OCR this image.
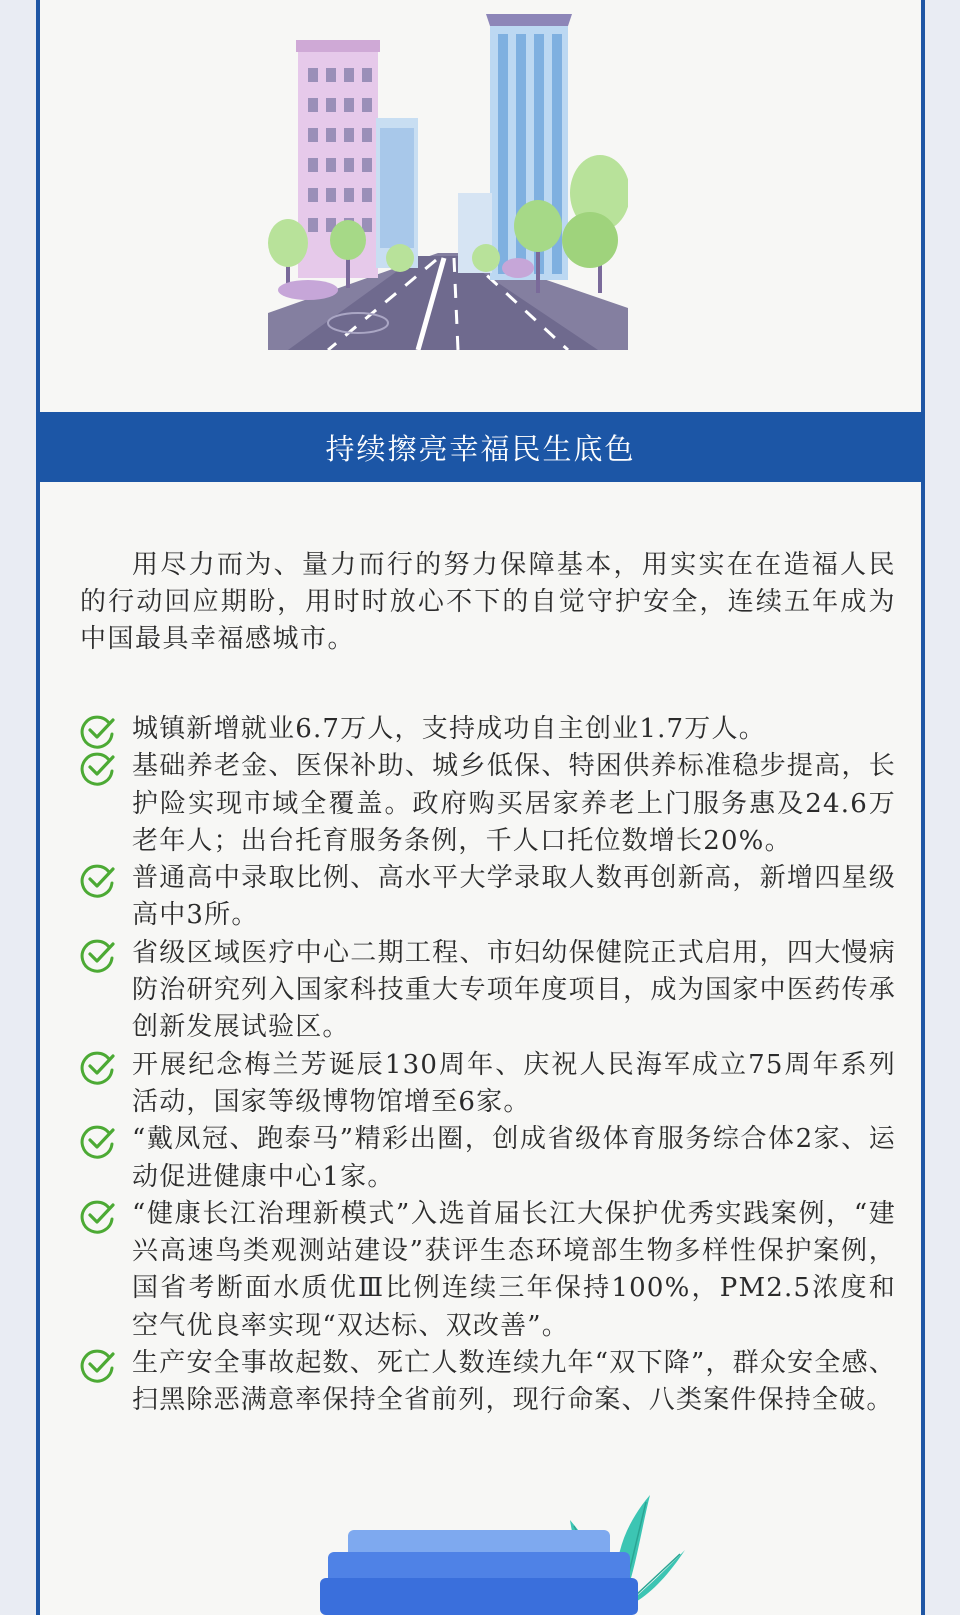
持续擦亮幸福民生底色

用尽力而为、量力而行的努力保障基本，用实实在在造福人民的行动回应期盼，用时时放心不下的自觉守护安全，连续五年成为中国最具幸福感城市。

城镇新增就业6.7万人，支持成功自主创业1.7万人。
基础养老金、医保补助、城乡低保、特困供养标准稳步提高，长护险实现市域全覆盖。政府购买居家养老上门服务惠及24.6万老年人；出台托育服务条例，千人口托位数增长20%。
普通高中录取比例、高水平大学录取人数再创新高，新增四星级高中3所。
省级区域医疗中心二期工程、市妇幼保健院正式启用，四大慢病防治研究列入国家科技重大专项年度项目，成为国家中医药传承创新发展试验区。
开展纪念梅兰芳诞辰130周年、庆祝人民海军成立75周年系列活动，国家等级博物馆增至6家。
“戴凤冠、跑泰马”精彩出圈，创成省级体育服务综合体2家、运动促进健康中心1家。
“健康长江治理新模式”入选首届长江大保护优秀实践案例，“建兴高速鸟类观测站建设”获评生态环境部生物多样性保护案例，国省考断面水质优Ⅲ比例连续三年保持100%，PM2.5浓度和空气优良率实现“双达标、双改善”。
生产安全事故起数、死亡人数连续九年“双下降”，群众安全感、扫黑除恶满意率保持全省前列，现行命案、八类案件保持全破。
